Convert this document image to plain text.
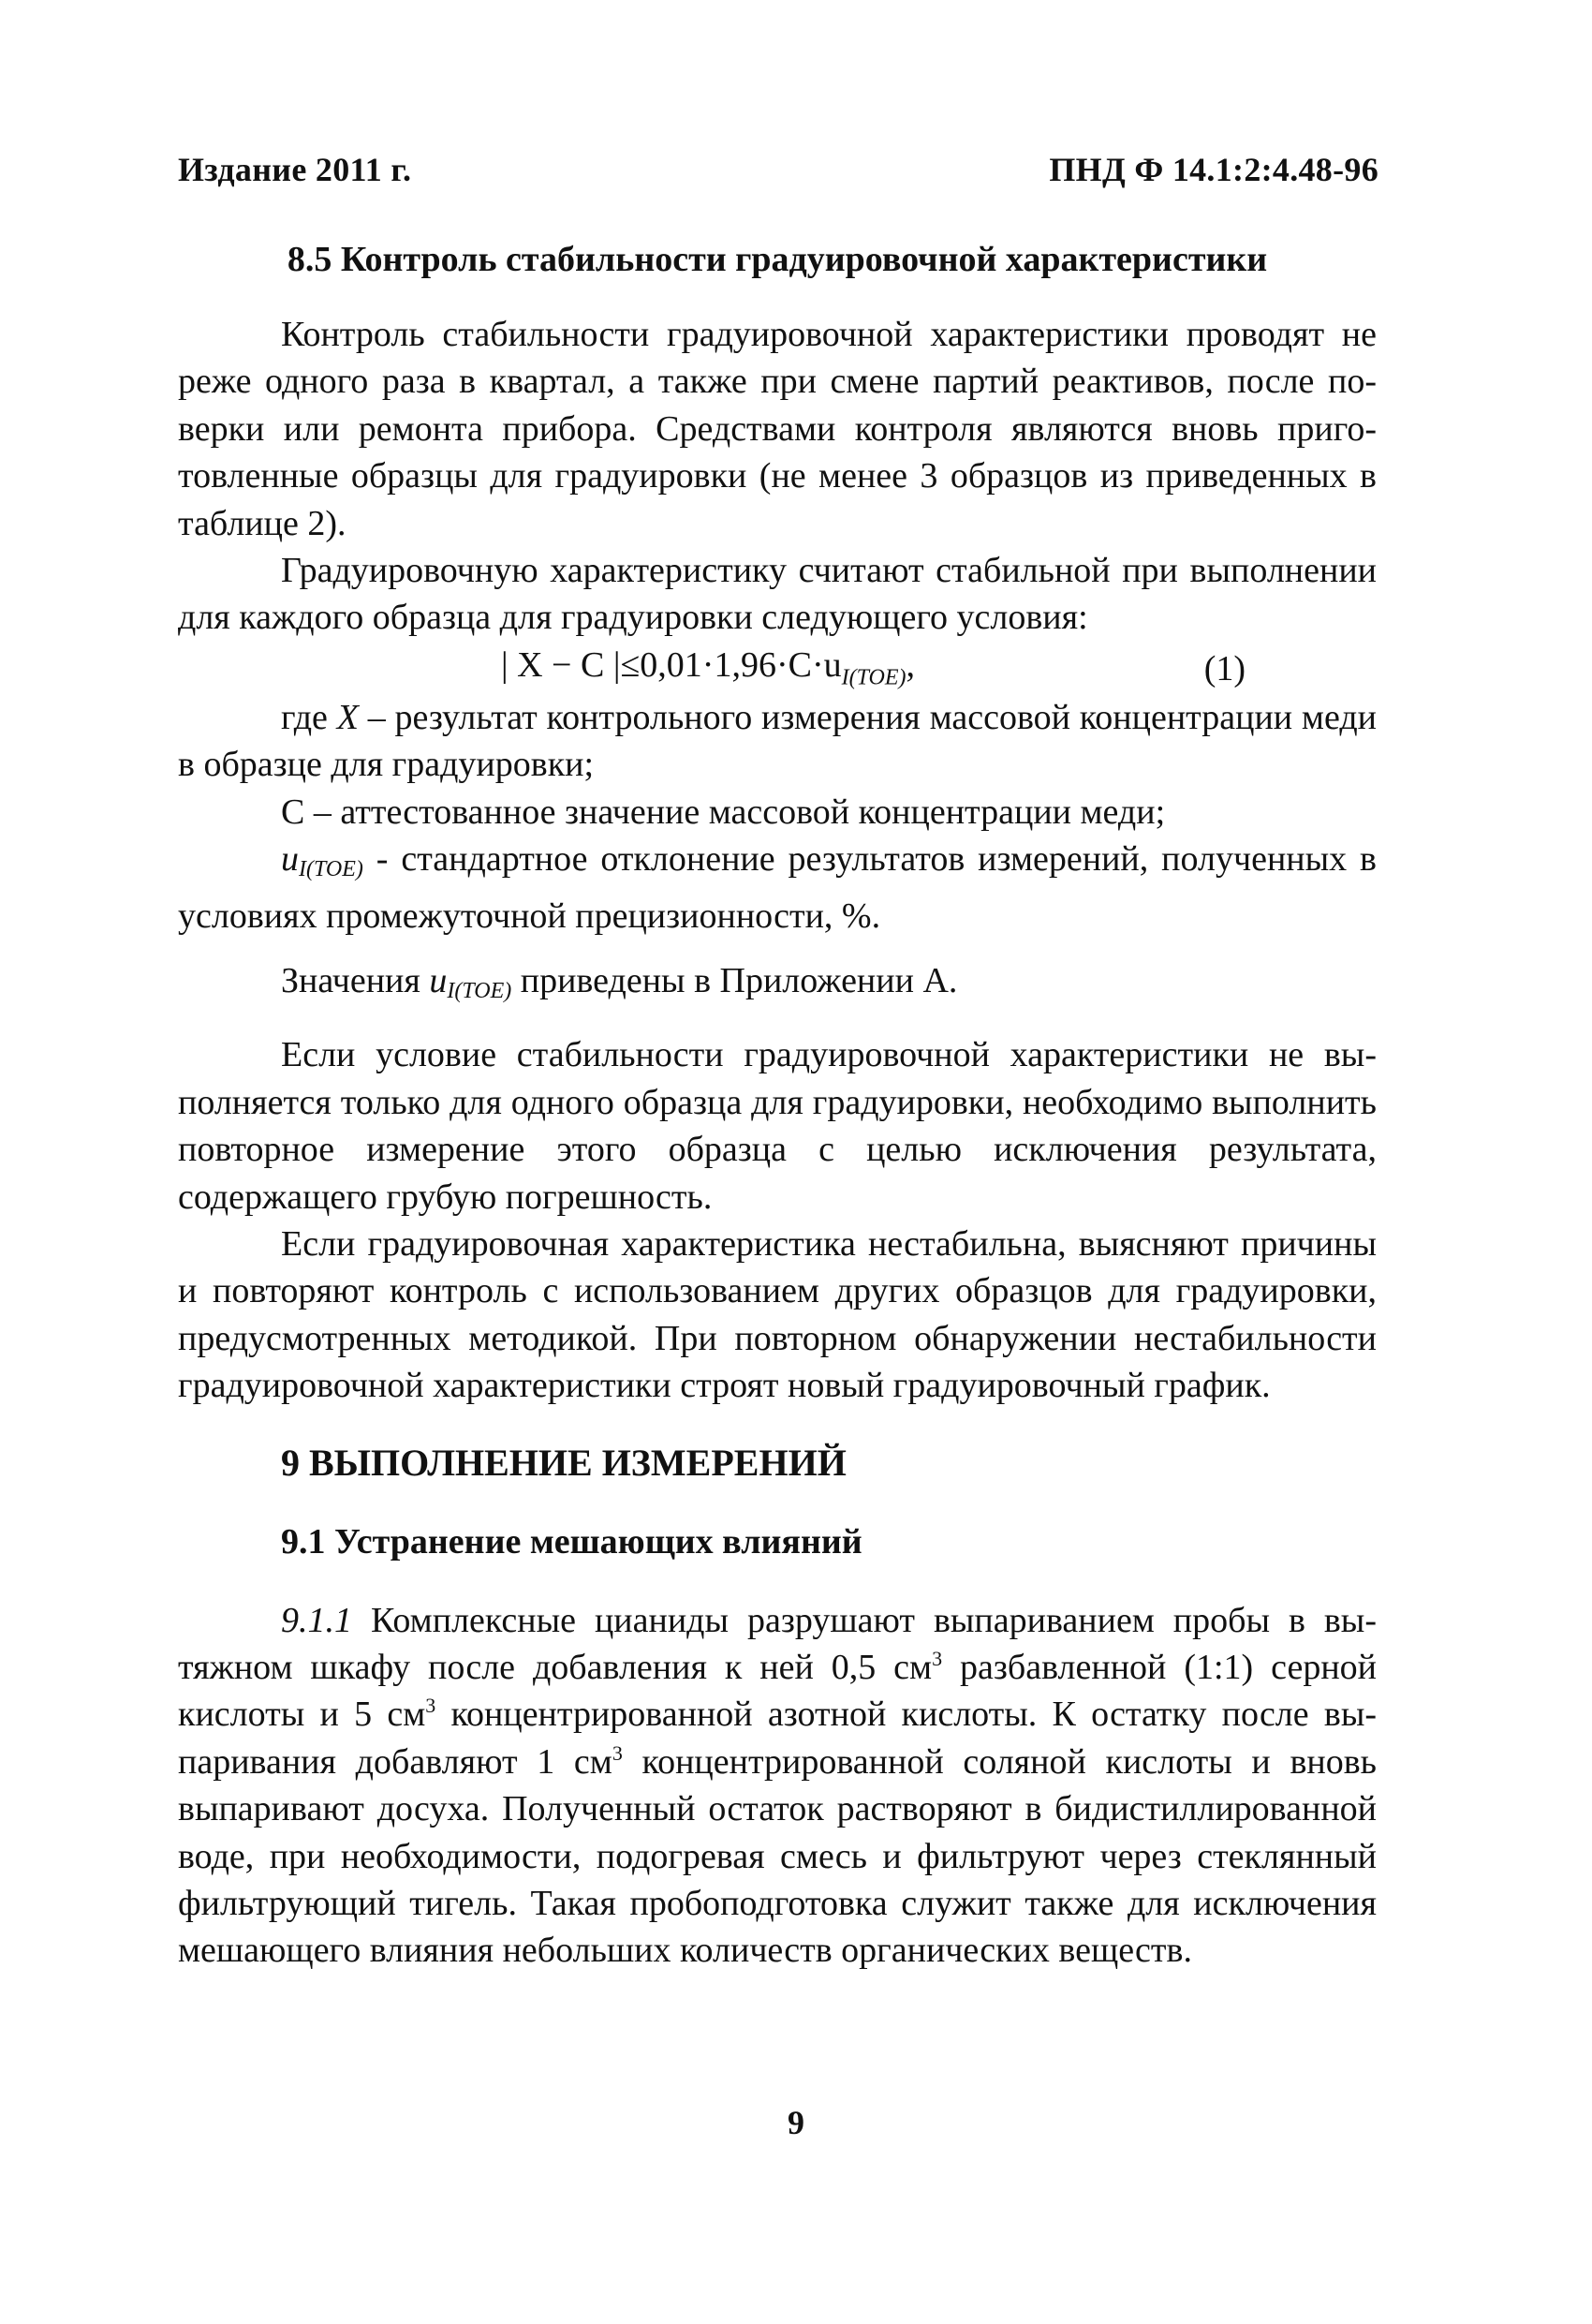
Издание 2011 г.	ПНД Ф 14.1:2:4.48-96
8.5 Контроль стабильности градуировочной характеристики

Контроль стабильности градуировочной характеристики проводят не реже одного раза в квартал, а также при смене партий реактивов, после поверки или ремонта прибора. Средствами контроля являются вновь приготовленные образцы для градуировки (не менее 3 образцов из приведенных в таблице 2).

Градуировочную характеристику считают стабильной при выполнении для каждого образца для градуировки следующего условия:

| X − C $|\le 0,01\cdot 1,96\cdot C\cdot u_{I(TOE)}$,	(1)

где X – результат контрольного измерения массовой концентрации меди в образце для градуировки;

C – аттестованное значение массовой концентрации меди;

$u_{I(TOE)}$ - стандартное отклонение результатов измерений, полученных в условиях промежуточной прецизионности, %.

Значения $u_{I(TOE)}$ приведены в Приложении А.

Если условие стабильности градуировочной характеристики не выполняется только для одного образца для градуировки, необходимо выполнить повторное измерение этого образца с целью исключения результата, содержащего грубую погрешность.

Если градуировочная характеристика нестабильна, выясняют причины и повторяют контроль с использованием других образцов для градуировки, предусмотренных методикой. При повторном обнаружении нестабильности градуировочной характеристики строят новый градуировочный график.

9 ВЫПОЛНЕНИЕ ИЗМЕРЕНИЙ
9.1 Устранение мешающих влияний

9.1.1 Комплексные цианиды разрушают выпариванием пробы в вытяжном шкафу после добавления к ней 0,5 $см^3$ разбавленной (1:1) серной кислоты и 5 $см^3$ концентрированной азотной кислоты. К остатку после выпаривания добавляют 1 $см^3$ концентрированной соляной кислоты и вновь выпаривают досуха. Полученный остаток растворяют в бидистиллированной воде, при необходимости, подогревая смесь и фильтруют через стеклянный фильтрующий тигель. Такая пробоподготовка служит также для исключения мешающего влияния небольших количеств органических веществ.

9
